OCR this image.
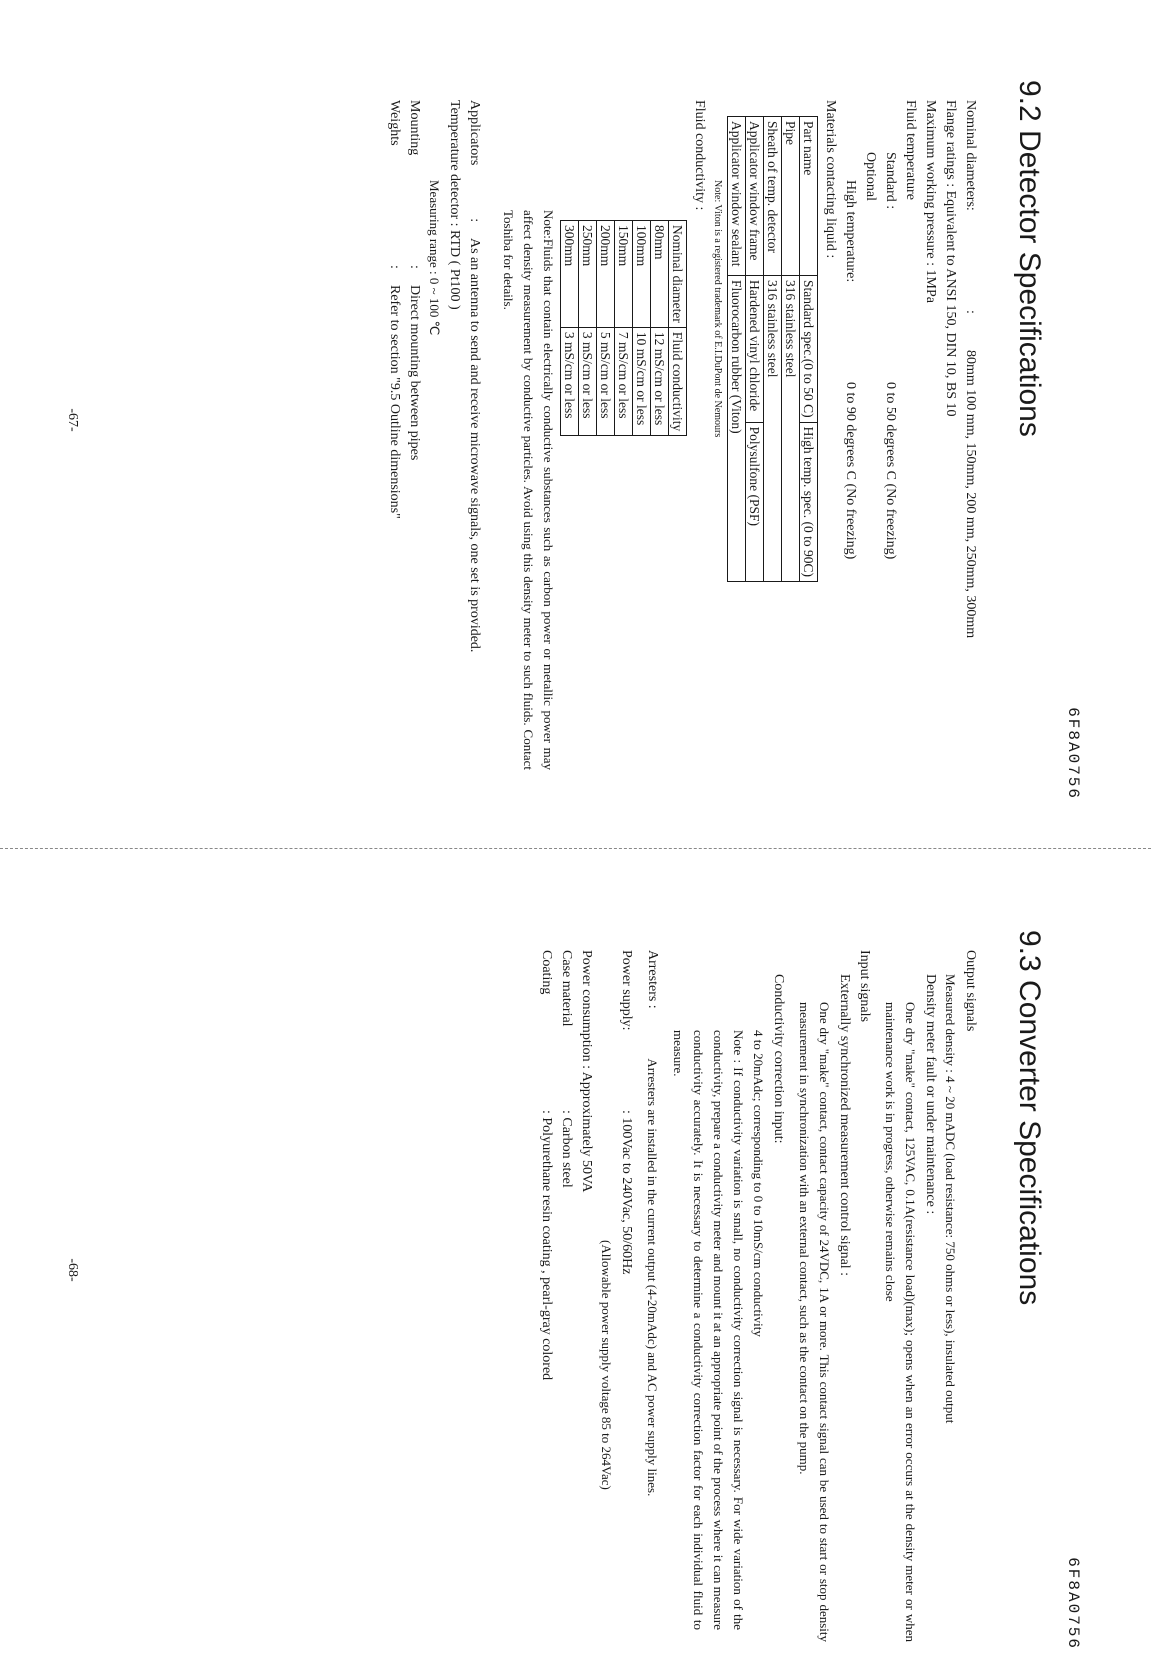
6F8A0756
9.2 Detector Specifications
Nominal diameters:
:
80mm 100 mm, 150mm, 200 mm, 250mm, 300mm
Flange ratings : Equivalent to ANSI 150, DIN 10, BS 10
Maximum working pressure : 1MPa
Fluid temperature
Standard :
0 to 50 degrees C (No freezing)
Optional
High temperature:
0 to 90 degrees C (No freezing)
Materials contacting liquid :
Part name	Standard spec.(0 to 50 C)	High temp. spec. (0 to 90C)
Pipe	316 stainless steel	
Sheath of temp. detector	316 stainless steel	
Applicator window frame	Hardened vinyl chloride	Polysulfone (PSF)
Applicator window sealant	Fluorocarbon rubber (Viton)	
Note: Viton is a registered trademark of E.I.DuPont de Nemours
Fluid conductivity :
Nominal diameter	Fluid conductivity
80mm	12 mS/cm or less
100mm	10 mS/cm or less
150mm	7 mS/cm or less
200mm	5 mS/cm or less
250mm	3 mS/cm or less
300mm	3 mS/cm or less
Note:Fluids that contain electrically conductive substances such as carbon power or metallic power may affect density measurement by conductive particles. Avoid using this density meter to such fluids. Contact Toshiba for details.
Applicators
:
As an antenna to send and receive microwave signals, one set is provided.
Temperature detector : RTD ( Pt100 )
Measuring range : 0 ~ 100 ℃
Mounting
:
Direct mounting between pipes
Weights
:
Refer to section "9.5 Outline dimensions"
-67-
6F8A0756
9.3 Converter Specifications
Output signals
Measured density : 4 ~ 20 mADC (load resistance: 750 ohms or less), insulated output
Density meter fault or under maintenance :
One dry "make" contact, 125VAC, 0.1A(resistance load)(max); opens when an error occurs at the density meter or when maintenance work is in progress, otherwise remains close
Input signals
Externally synchronized measurement control signal :
One dry "make" contact, contact capacity of 24VDC, 1A or more. This contact signal can be used to start or stop density measurement in synchronization with an external contact, such as the contact on the pump.
Conductivity correction input:
4 to 20mAdc; corresponding to 0 to 10mS/cm conductivity
Note : If conductivity variation is small, no conductivity correction signal is necessary. For wide variation of the conductivity, prepare a conductivity meter and mount it at an appropriate point of the process where it can measure conductivity accurately. It is necessary to determine a conductivity correction factor for each individual fluid to measure.
Arresters :
Arresters are installed in the current output (4-20mAdc) and AC power supply lines.
Power supply:
: 100Vac to 240Vac, 50/60Hz
(Allowable power supply voltage 85 to 264Vac)
Power consumption : Approximately 50VA
Case material
: Carbon steel
Coating
: Polyurethane resin coating , pearl-gray colored
-68-
